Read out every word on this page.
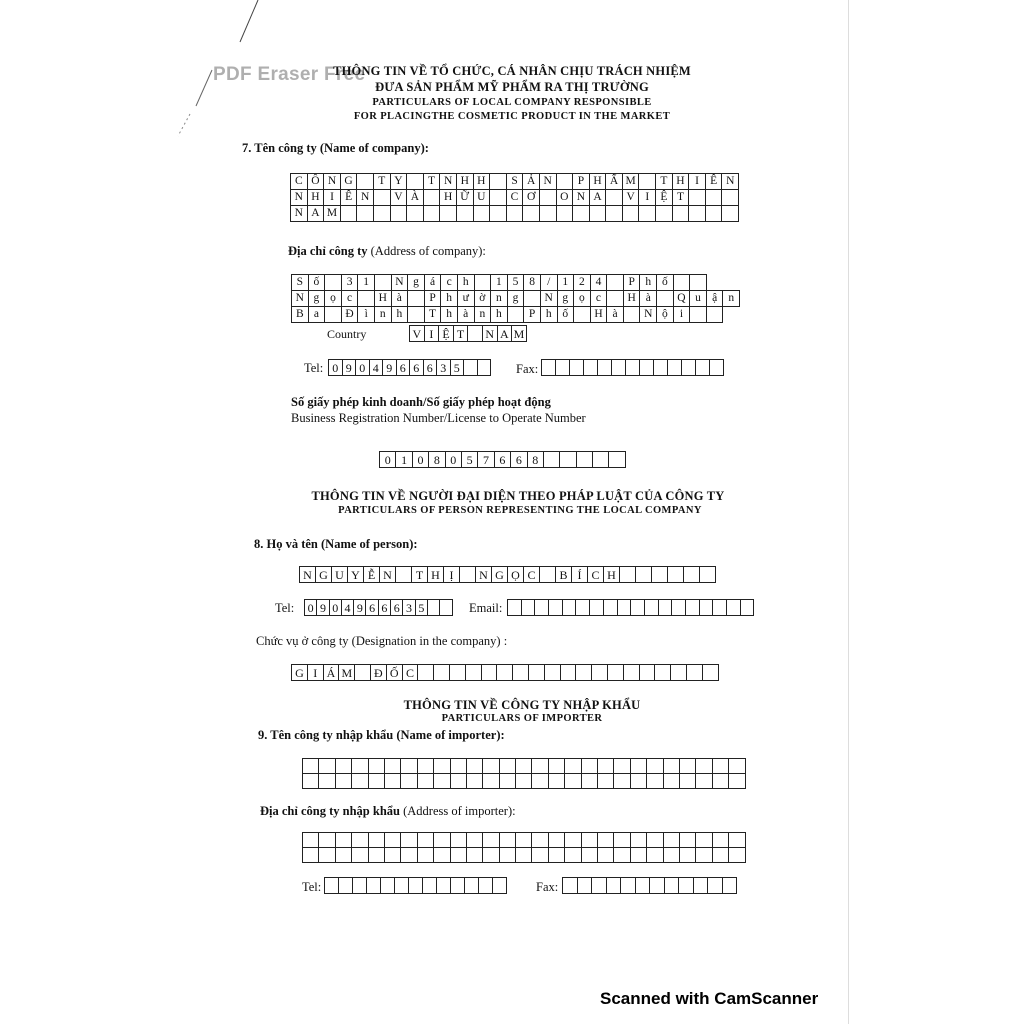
PDF Eraser Free
THÔNG TIN VỀ TỔ CHỨC, CÁ NHÂN CHỊU TRÁCH NHIỆM
ĐƯA SẢN PHẨM MỸ PHẨM RA THỊ TRƯỜNG
PARTICULARS OF LOCAL COMPANY RESPONSIBLE
FOR PLACINGTHE COSMETIC PRODUCT IN THE MARKET
7. Tên công ty (Name of company):
C	Ô	N	G		T	Y		T	N	H	H		S	Ả	N		P	H	Ẩ	M		T	H	I	Ê	N
N	H	I	Ê	N		V	À		H	Ữ	U		C	Ơ		O	N	A		V	I	Ệ	T			
N	A	M																								
Địa chỉ công ty (Address of company):
S	ố		3	1		N	g	á	c	h		1	5	8	/	1	2	4		P	h	ố				
N	g	ọ	c		H	à		P	h	ư	ờ	n	g		N	g	ọ	c		H	à		Q	u	ậ	n
B	a		Đ	ì	n	h		T	h	à	n	h		P	h	ố		H	à		N	ộ	i			
Country	V I Ệ T	N A M
Tel: 0 9 0 4 9 6 6 6 3 5	Fax:
Số giấy phép kinh doanh/Số giấy phép hoạt động
Business Registration Number/License to Operate Number
0 1 0 8 0 5 7 6 6 8
THÔNG TIN VỀ NGƯỜI ĐẠI DIỆN THEO PHÁP LUẬT CỦA CÔNG TY
PARTICULARS OF PERSON REPRESENTING THE LOCAL COMPANY
8. Họ và tên (Name of person):
N G U Y Ễ N	T H Ị	N G Ọ C	B Í C H
Tel:	0 9 0 4 9 6 6 6 3 5	Email:
Chức vụ ở công ty (Designation in the company) :
G I Á M	Đ Ố C
THÔNG TIN VỀ CÔNG TY NHẬP KHẨU
PARTICULARS OF IMPORTER
9. Tên công ty nhập khẩu (Name of importer):

Địa chỉ công ty nhập khẩu (Address of importer):

Tel:	Fax:
Scanned with CamScanner
